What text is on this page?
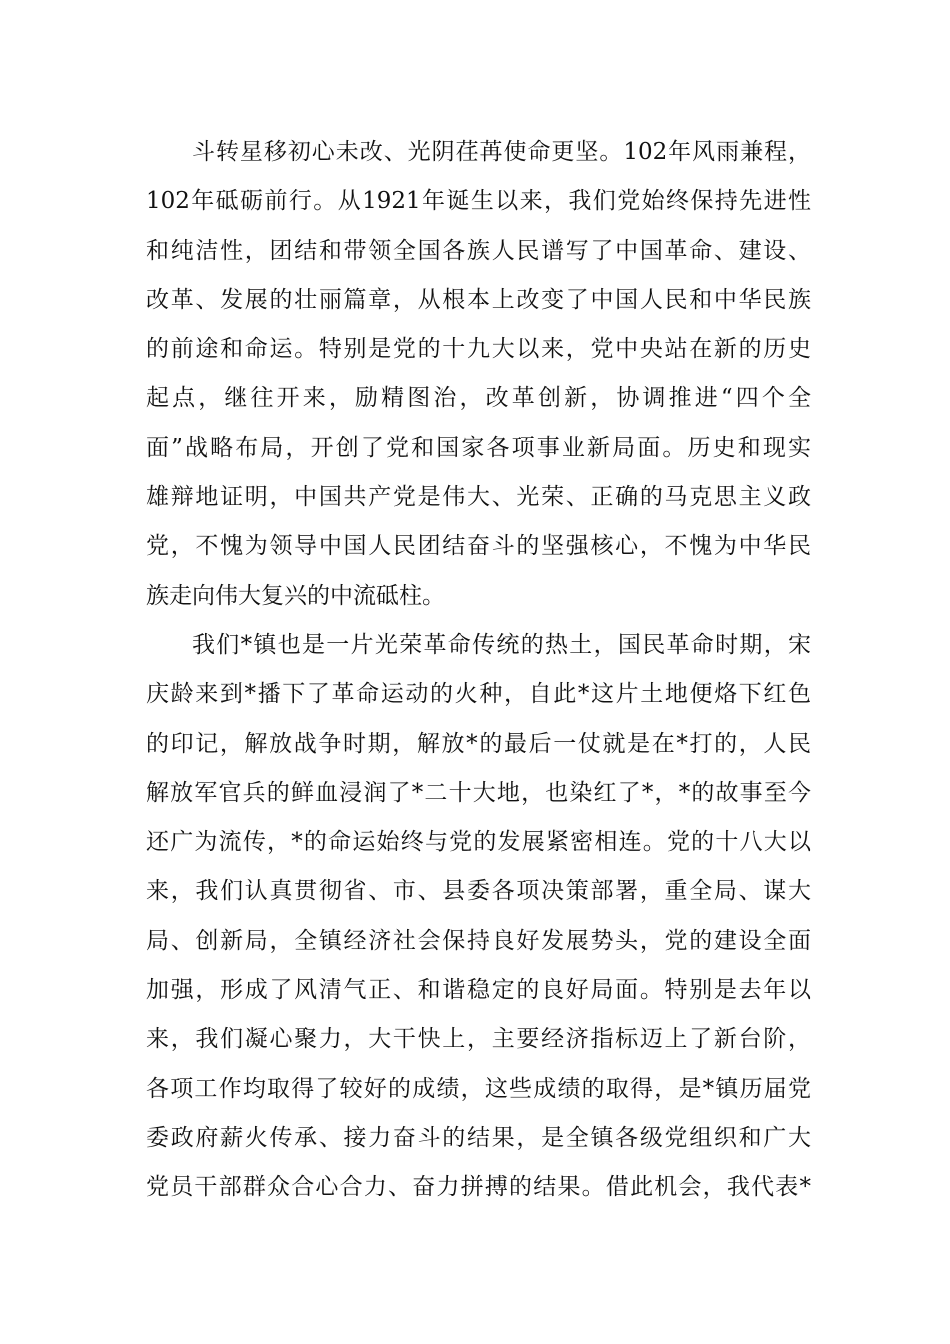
斗转星移初心未改、光阴荏苒使命更坚。102年风雨兼程，
102年砥砺前行。从1921年诞生以来，我们党始终保持先进性
和纯洁性，团结和带领全国各族人民谱写了中国革命、建设、
改革、发展的壮丽篇章，从根本上改变了中国人民和中华民族
的前途和命运。特别是党的十九大以来，党中央站在新的历史
起点，继往开来，励精图治，改革创新，协调推进“四个全
面”战略布局，开创了党和国家各项事业新局面。历史和现实
雄辩地证明，中国共产党是伟大、光荣、正确的马克思主义政
党，不愧为领导中国人民团结奋斗的坚强核心，不愧为中华民
族走向伟大复兴的中流砥柱。
我们*镇也是一片光荣革命传统的热土，国民革命时期，宋
庆龄来到*播下了革命运动的火种，自此*这片土地便烙下红色
的印记，解放战争时期，解放*的最后一仗就是在*打的，人民
解放军官兵的鲜血浸润了*二十大地，也染红了*，*的故事至今
还广为流传，*的命运始终与党的发展紧密相连。党的十八大以
来，我们认真贯彻省、市、县委各项决策部署，重全局、谋大
局、创新局，全镇经济社会保持良好发展势头，党的建设全面
加强，形成了风清气正、和谐稳定的良好局面。特别是去年以
来，我们凝心聚力，大干快上，主要经济指标迈上了新台阶，
各项工作均取得了较好的成绩，这些成绩的取得，是*镇历届党
委政府薪火传承、接力奋斗的结果，是全镇各级党组织和广大
党员干部群众合心合力、奋力拼搏的结果。借此机会，我代表*
